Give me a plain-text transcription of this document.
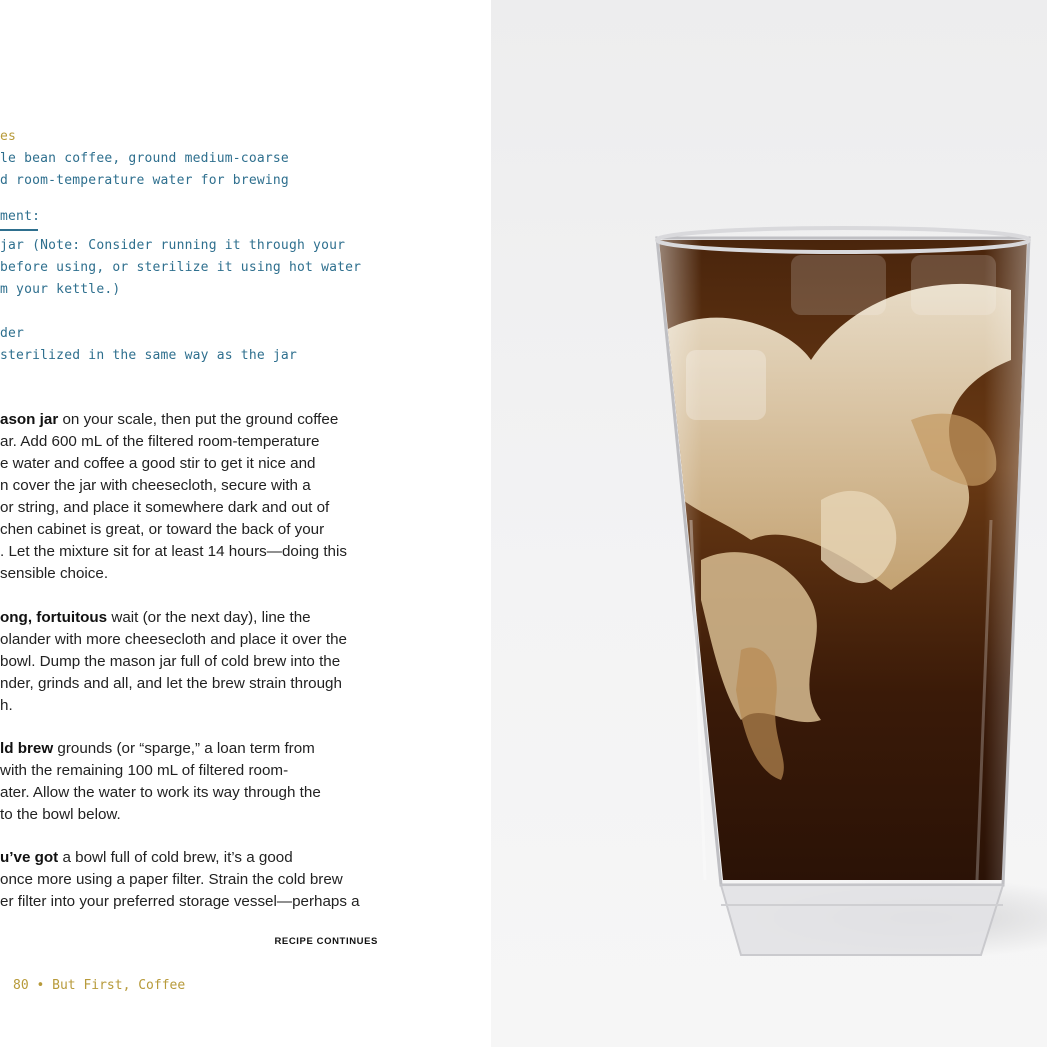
es
le bean coffee, ground medium-coarse
d room-temperature water for brewing
ment:
jar (Note: Consider running it through your
before using, or sterilize it using hot water
m your kettle.)
der
sterilized in the same way as the jar
ason jar on your scale, then put the ground coffee
ar. Add 600 mL of the filtered room-temperature
e water and coffee a good stir to get it nice and
n cover the jar with cheesecloth, secure with a
or string, and place it somewhere dark and out of
chen cabinet is great, or toward the back of your
. Let the mixture sit for at least 14 hours—doing this
sensible choice.
ong, fortuitous wait (or the next day), line the
olander with more cheesecloth and place it over the
bowl. Dump the mason jar full of cold brew into the
nder, grinds and all, and let the brew strain through
h.
ld brew grounds (or “sparge,” a loan term from
with the remaining 100 mL of filtered room-
ater. Allow the water to work its way through the
to the bowl below.
u’ve got a bowl full of cold brew, it’s a good
once more using a paper filter. Strain the cold brew
er filter into your preferred storage vessel—perhaps a
RECIPE CONTINUES
80 • But First, Coffee
